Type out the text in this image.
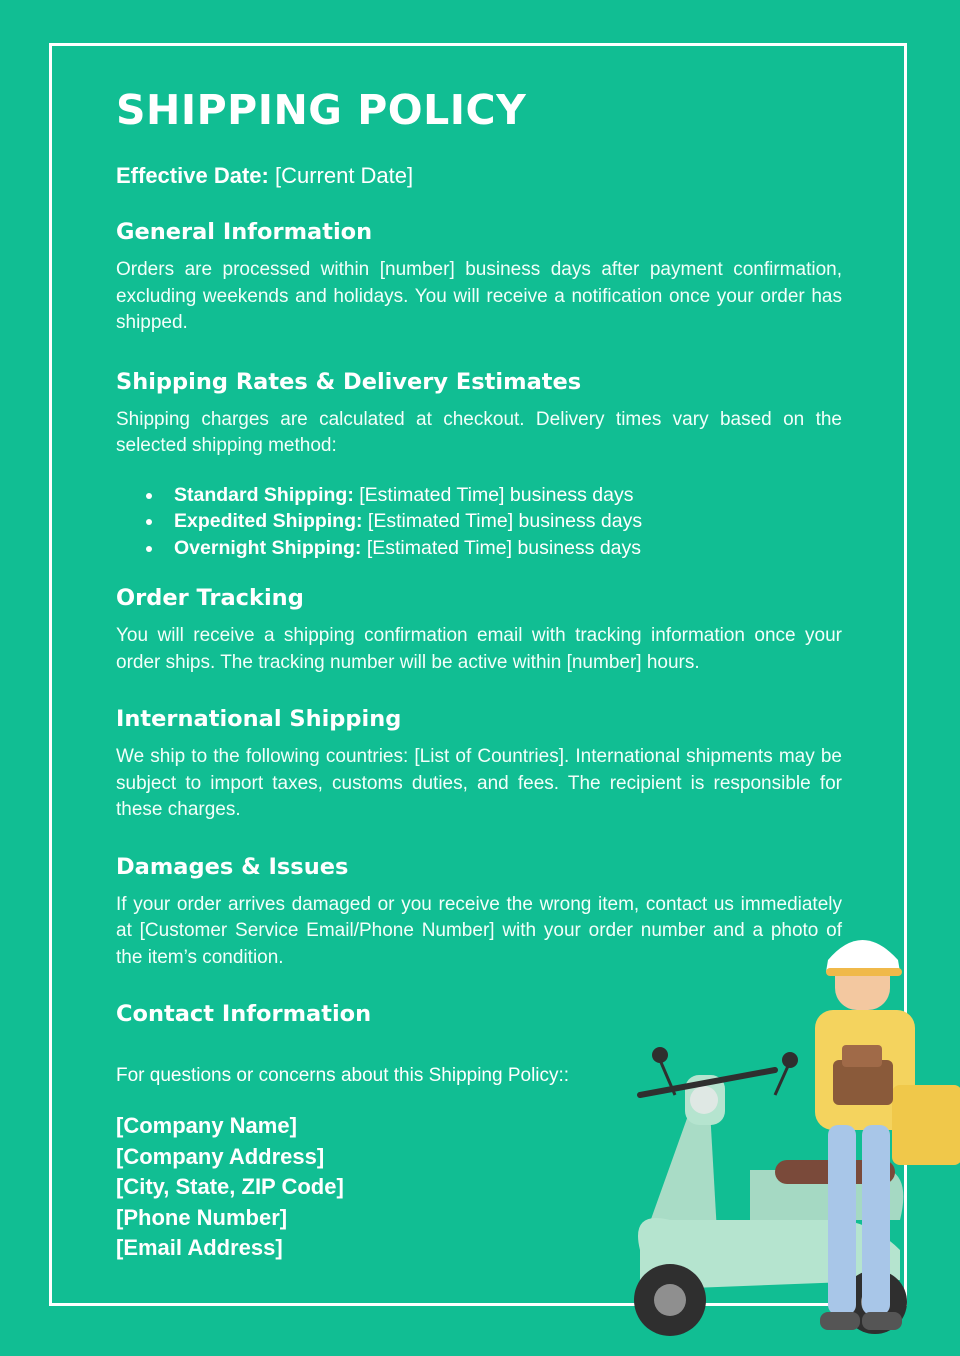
SHIPPING POLICY
Effective Date: [Current Date]
General Information

Orders are processed within [number] business days after payment confirmation, excluding weekends and holidays. You will receive a notification once your order has shipped.

Shipping Rates & Delivery Estimates

Shipping charges are calculated at checkout. Delivery times vary based on the selected shipping method:

Standard Shipping: [Estimated Time] business days
Expedited Shipping: [Estimated Time] business days
Overnight Shipping: [Estimated Time] business days
Order Tracking

You will receive a shipping confirmation email with tracking information once your order ships. The tracking number will be active within [number] hours.

International Shipping

We ship to the following countries: [List of Countries]. International shipments may be subject to import taxes, customs duties, and fees. The recipient is responsible for these charges.

Damages & Issues

If your order arrives damaged or you receive the wrong item, contact us immediately at [Customer Service Email/Phone Number] with your order number and a photo of the item’s condition.

Contact Information
For questions or concerns about this Shipping Policy::
[Company Name]
[Company Address]
[City, State, ZIP Code]
[Phone Number]
[Email Address]
